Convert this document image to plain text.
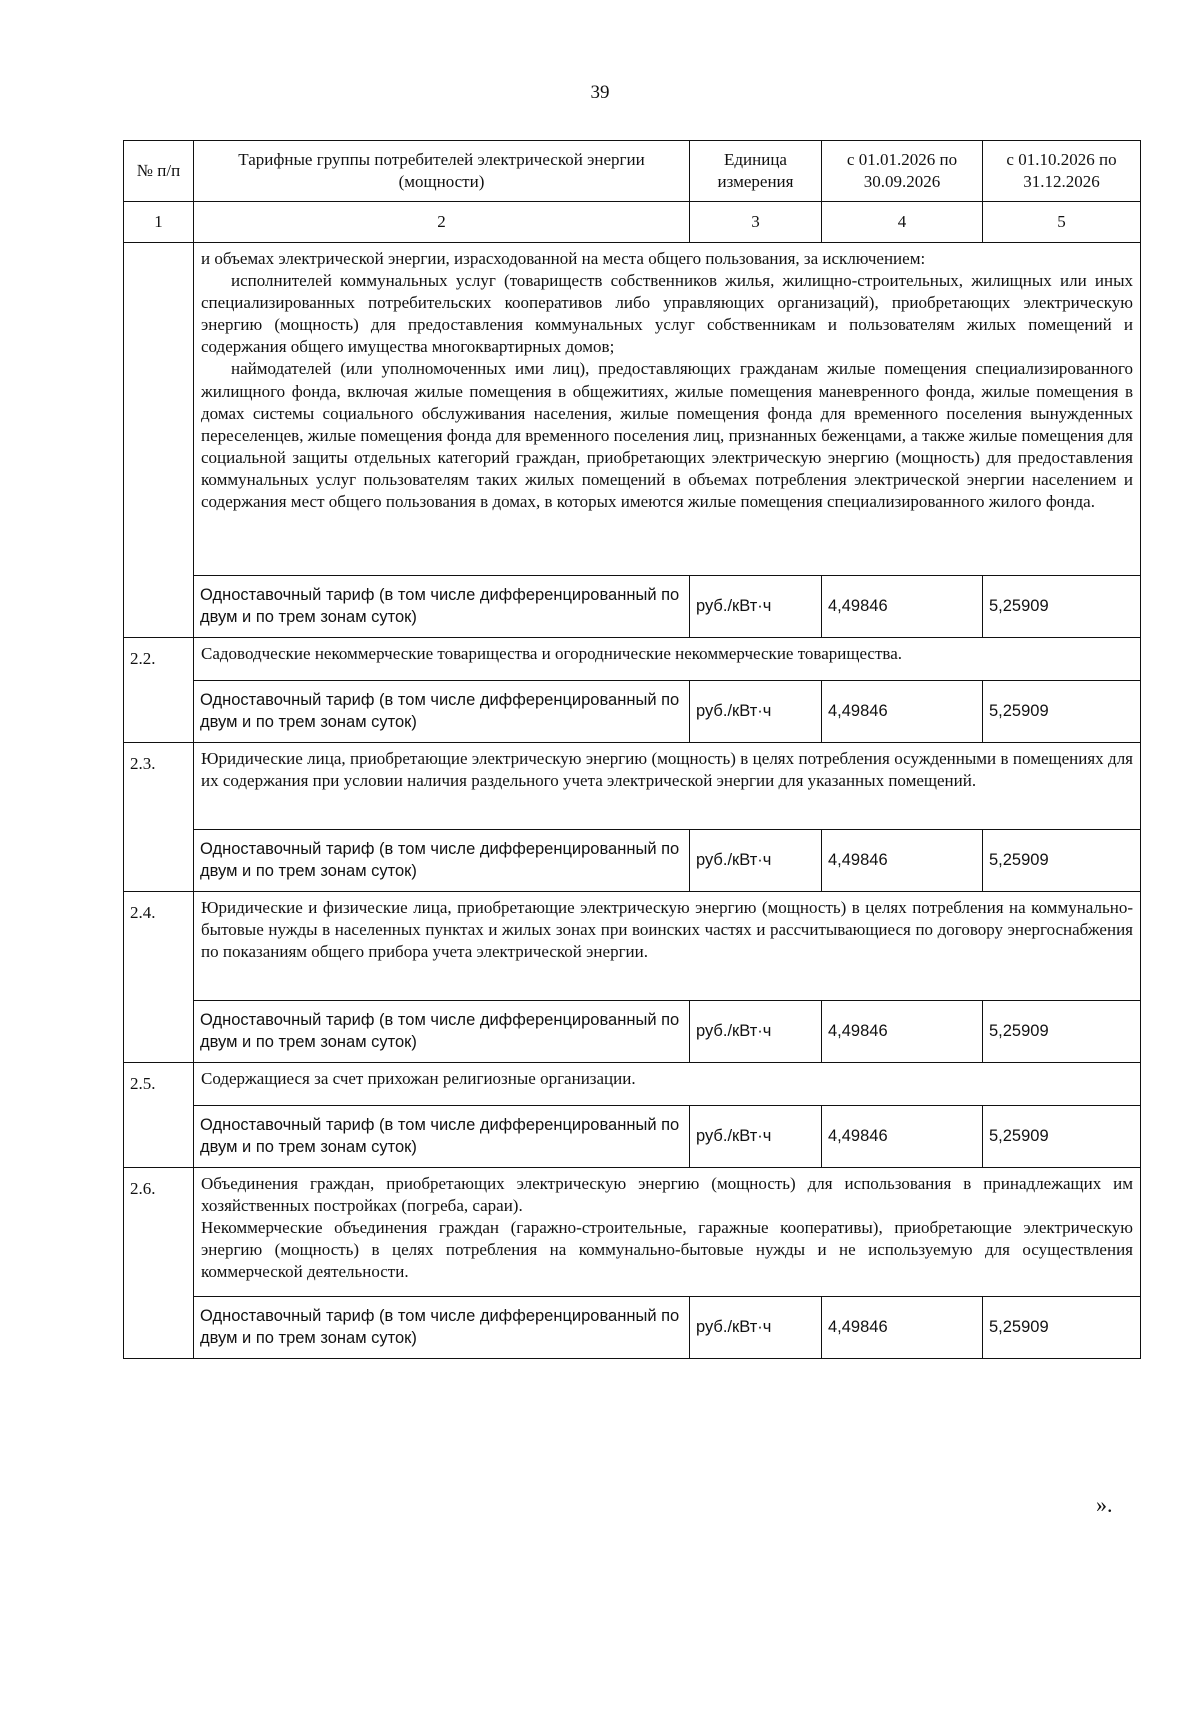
39
№ п/п	Тарифные группы потребителей электрической энергии (мощности)	Единица измерения	с 01.01.2026 по 30.09.2026	с 01.10.2026 по 31.12.2026
1	2	3	4	5

	и объемах электрической энергии, израсходованной на места общего пользования, за исключением:

исполнителей коммунальных услуг (товариществ собственников жилья, жилищно-строительных, жилищных или иных специализированных потребительских кооперативов либо управляющих организаций), приобретающих электрическую энергию (мощность) для предоставления коммунальных услуг собственникам и пользователям жилых помещений и содержания общего имущества многоквартирных домов;

наймодателей (или уполномоченных ими лиц), предоставляющих гражданам жилые помещения специализированного жилищного фонда, включая жилые помещения в общежитиях, жилые помещения маневренного фонда, жилые помещения в домах системы социального обслуживания населения, жилые помещения фонда для временного поселения вынужденных переселенцев, жилые помещения фонда для временного поселения лиц, признанных беженцами, а также жилые помещения для социальной защиты отдельных категорий граждан, приобретающих электрическую энергию (мощность) для предоставления коммунальных услуг пользователям таких жилых помещений в объемах потребления электрической энергии населением и содержания мест общего пользования в домах, в которых имеются жилые помещения специализированного жилого фонда.			

	Одноставочный тариф (в том числе дифференцированный по двум и по трем зонам суток)	руб./кВт·ч	4,49846	5,25909
2.2.	Садоводческие некоммерческие товарищества и огороднические некоммерческие товарищества.			
	Одноставочный тариф (в том числе дифференцированный по двум и по трем зонам суток)	руб./кВт·ч	4,49846	5,25909
2.3.	Юридические лица, приобретающие электрическую энергию (мощность) в целях потребления осужденными в помещениях для их содержания при условии наличия раздельного учета электрической энергии для указанных помещений.			
	Одноставочный тариф (в том числе дифференцированный по двум и по трем зонам суток)	руб./кВт·ч	4,49846	5,25909
2.4.	Юридические и физические лица, приобретающие электрическую энергию (мощность) в целях потребления на коммунально-бытовые нужды в населенных пунктах и жилых зонах при воинских частях и рассчитывающиеся по договору энергоснабжения по показаниям общего прибора учета электрической энергии.			
	Одноставочный тариф (в том числе дифференцированный по двум и по трем зонам суток)	руб./кВт·ч	4,49846	5,25909
2.5.	Содержащиеся за счет прихожан религиозные организации.			
	Одноставочный тариф (в том числе дифференцированный по двум и по трем зонам суток)	руб./кВт·ч	4,49846	5,25909
2.6.	Объединения граждан, приобретающих электрическую энергию (мощность) для использования в принадлежащих им хозяйственных постройках (погреба, сараи).

Некоммерческие объединения граждан (гаражно-строительные, гаражные кооперативы), приобретающие электрическую энергию (мощность) в целях потребления на коммунально-бытовые нужды и не используемую для осуществления коммерческой деятельности.			

	Одноставочный тариф (в том числе дифференцированный по двум и по трем зонам суток)	руб./кВт·ч	4,49846	5,25909
».
